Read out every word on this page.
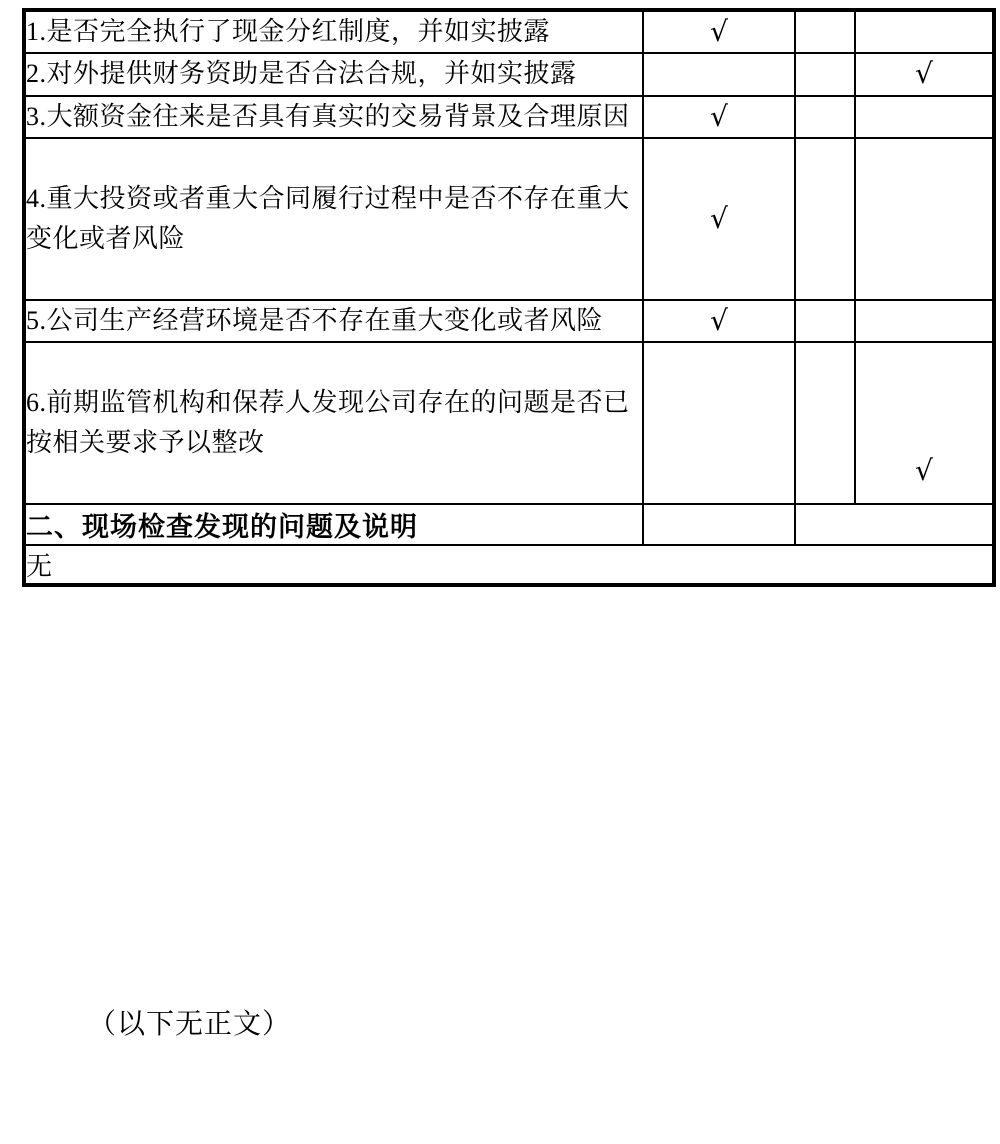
1.是否完全执行了现金分红制度，并如实披露	√		
2.对外提供财务资助是否合法合规，并如实披露			√
3.大额资金往来是否具有真实的交易背景及合理原因	√		
4.重大投资或者重大合同履行过程中是否不存在重大变化或者风险	√		
5.公司生产经营环境是否不存在重大变化或者风险	√		
6.前期监管机构和保荐人发现公司存在的问题是否已按相关要求予以整改			√
二、现场检查发现的问题及说明			
无			
（以下无正文）
